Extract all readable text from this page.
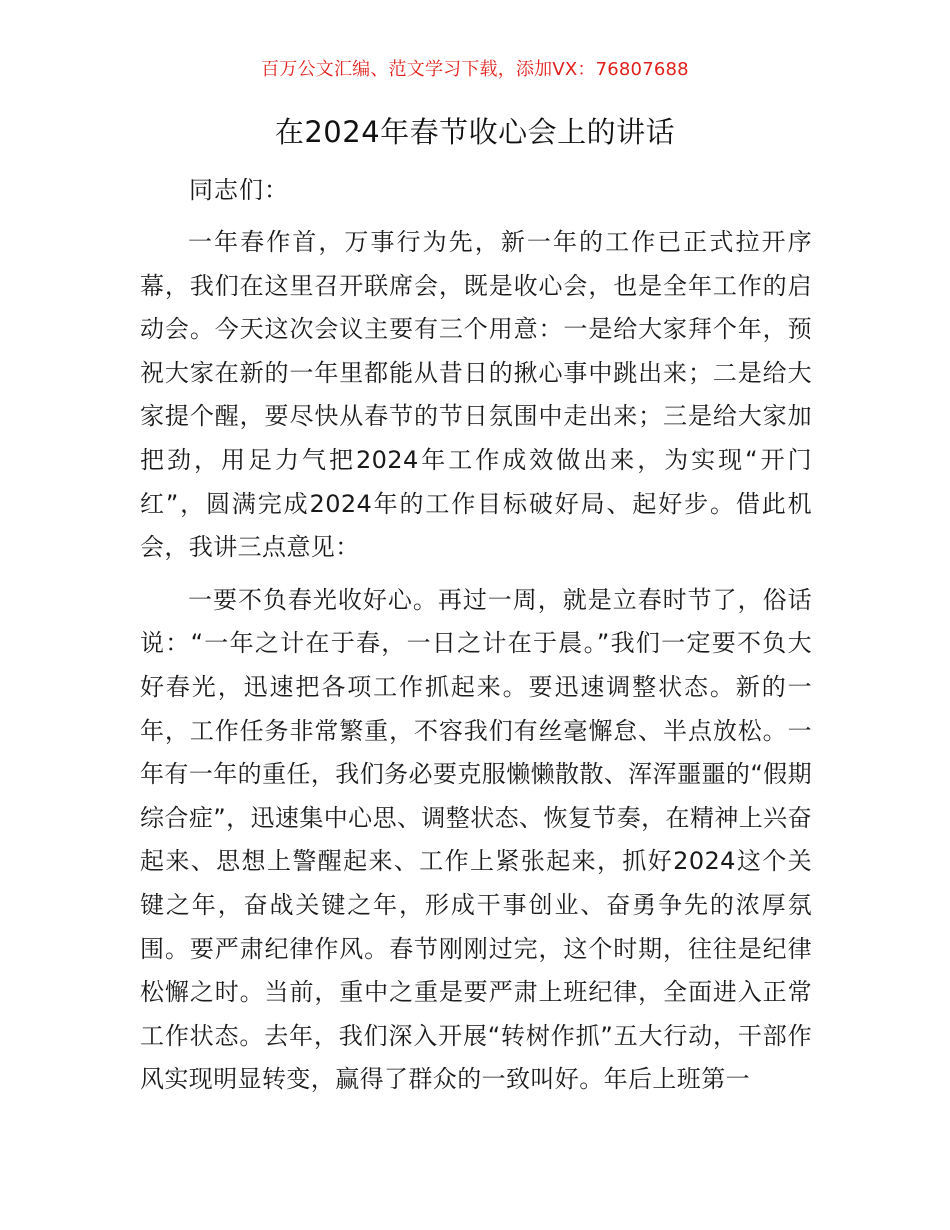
百万公文汇编、范文学习下载，添加VX：76807688
在2024年春节收心会上的讲话
同志们：

一年春作首，万事行为先，新一年的工作已正式拉开序幕，我们在这里召开联席会，既是收心会，也是全年工作的启动会。今天这次会议主要有三个用意：一是给大家拜个年，预祝大家在新的一年里都能从昔日的揪心事中跳出来；二是给大家提个醒，要尽快从春节的节日氛围中走出来；三是给大家加把劲，用足力气把2024年工作成效做出来，为实现“开门红”，圆满完成2024年的工作目标破好局、起好步。借此机会，我讲三点意见：

一要不负春光收好心。再过一周，就是立春时节了，俗话说：“一年之计在于春，一日之计在于晨。”我们一定要不负大好春光，迅速把各项工作抓起来。要迅速调整状态。新的一年，工作任务非常繁重，不容我们有丝毫懈怠、半点放松。一年有一年的重任，我们务必要克服懒懒散散、浑浑噩噩的“假期综合症”，迅速集中心思、调整状态、恢复节奏，在精神上兴奋起来、思想上警醒起来、工作上紧张起来，抓好2024这个关键之年，奋战关键之年，形成干事创业、奋勇争先的浓厚氛围。要严肃纪律作风。春节刚刚过完，这个时期，往往是纪律松懈之时。当前，重中之重是要严肃上班纪律，全面进入正常工作状态。去年，我们深入开展“转树作抓”五大行动，干部作风实现明显转变，赢得了群众的一致叫好。年后上班第一
